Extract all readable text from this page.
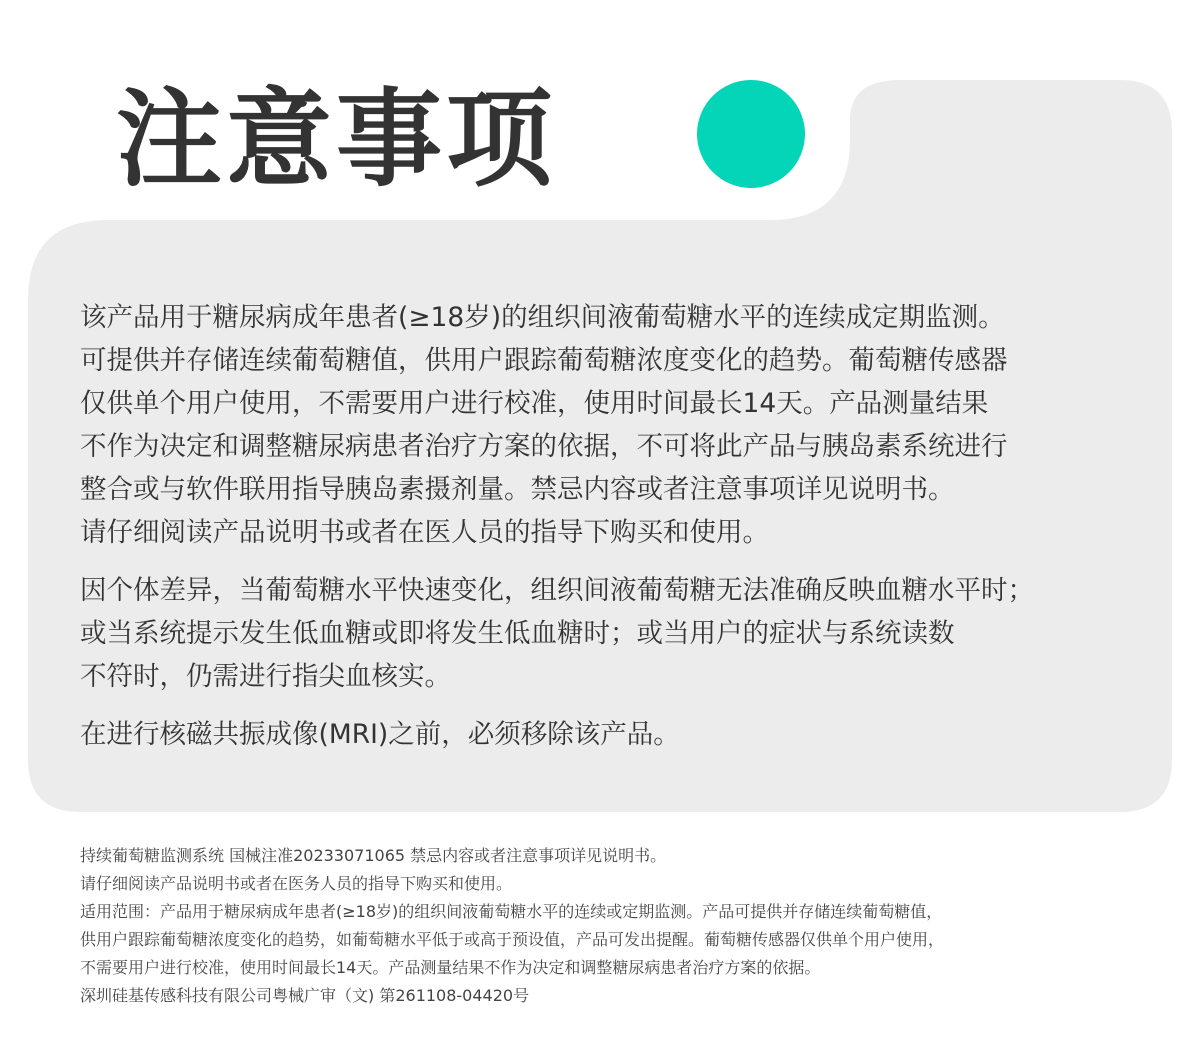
注意事项

该产品用于糖尿病成年患者(≥18岁)的组织间液葡萄糖水平的连续成定期监测。
可提供并存储连续葡萄糖值，供用户跟踪葡萄糖浓度变化的趋势。葡萄糖传感器
仅供单个用户使用，不需要用户进行校准，使用时间最长14天。产品测量结果
不作为决定和调整糖尿病患者治疗方案的依据，不可将此产品与胰岛素系统进行
整合或与软件联用指导胰岛素摄剂量。禁忌内容或者注意事项详见说明书。
请仔细阅读产品说明书或者在医人员的指导下购买和使用。

因个体差异，当葡萄糖水平快速变化，组织间液葡萄糖无法准确反映血糖水平时；
或当系统提示发生低血糖或即将发生低血糖时；或当用户的症状与系统读数
不符时，仍需进行指尖血核实。

在进行核磁共振成像(MRI)之前，必须移除该产品。

持续葡萄糖监测系统 国械注准20233071065 禁忌内容或者注意事项详见说明书。

请仔细阅读产品说明书或者在医务人员的指导下购买和使用。

适用范围：产品用于糖尿病成年患者(≥18岁)的组织间液葡萄糖水平的连续或定期监测。产品可提供并存储连续葡萄糖值，

供用户跟踪葡萄糖浓度变化的趋势，如葡萄糖水平低于或高于预设值，产品可发出提醒。葡萄糖传感器仅供单个用户使用，

不需要用户进行校准，使用时间最长14天。产品测量结果不作为决定和调整糖尿病患者治疗方案的依据。

深圳硅基传感科技有限公司粤械广审（文) 第261108-04420号
